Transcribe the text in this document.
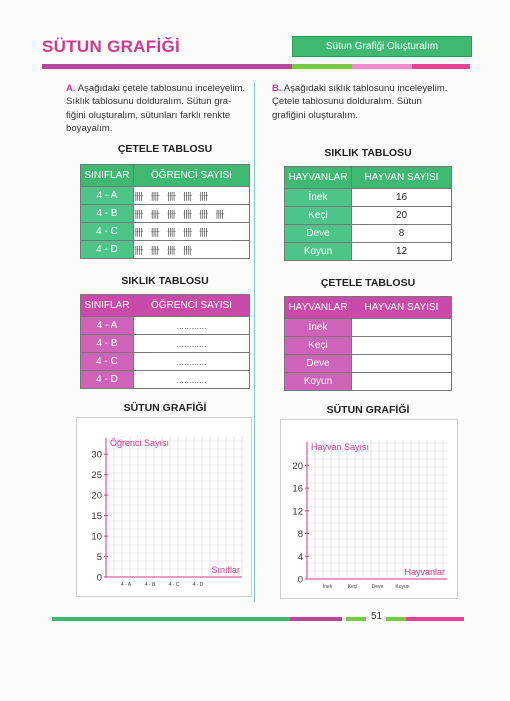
SÜTUN GRAFİĞİ	Sütun Grafiği Oluşturalım
A. Aşağıdaki çetele tablosunu inceleyelim.
Sıklık tablosunu dolduralım. Sütun gra-
fiğini oluşturalım, sütunları farklı renkte
boyayalım.
B. Aşağıdaki sıklık tablosunu inceleyelim.
Çetele tablosunu dolduralım. Sütun
grafiğini oluşturalım.
ÇETELE TABLOSU
SINIFLAR	ÖĞRENCİ SAYISI
4 - A	卌 卌 卌 卌 卌
4 - B	卌 卌 卌 卌 卌 卌
4 - C	卌 卌 卌 卌 卌
4 - D	卌 卌 卌 卌
SIKLIK TABLOSU
SINIFLAR	ÖĞRENCİ SAYISI
4 - A	............
4 - B	............
4 - C	............
4 - D	............
SIKLIK TABLOSU
HAYVANLAR	HAYVAN SAYISI
İnek	16
Keçi	20
Deve	8
Koyun	12
ÇETELE TABLOSU
HAYVANLAR	HAYVAN SAYISI
İnek	
Keçi	
Deve	
Koyun	
SÜTUN GRAFİĞİ	SÜTUN GRAFİĞİ
Öğrenci Sayısı
Sınıflar
0
5
10
15
20
25
30
4 - A	4 - B	4 - C	4 - D
Hayvan Sayısı
Hayvanlar
0
4
8
12
16
20
İnek	Keçi	Deve Koyun
51
